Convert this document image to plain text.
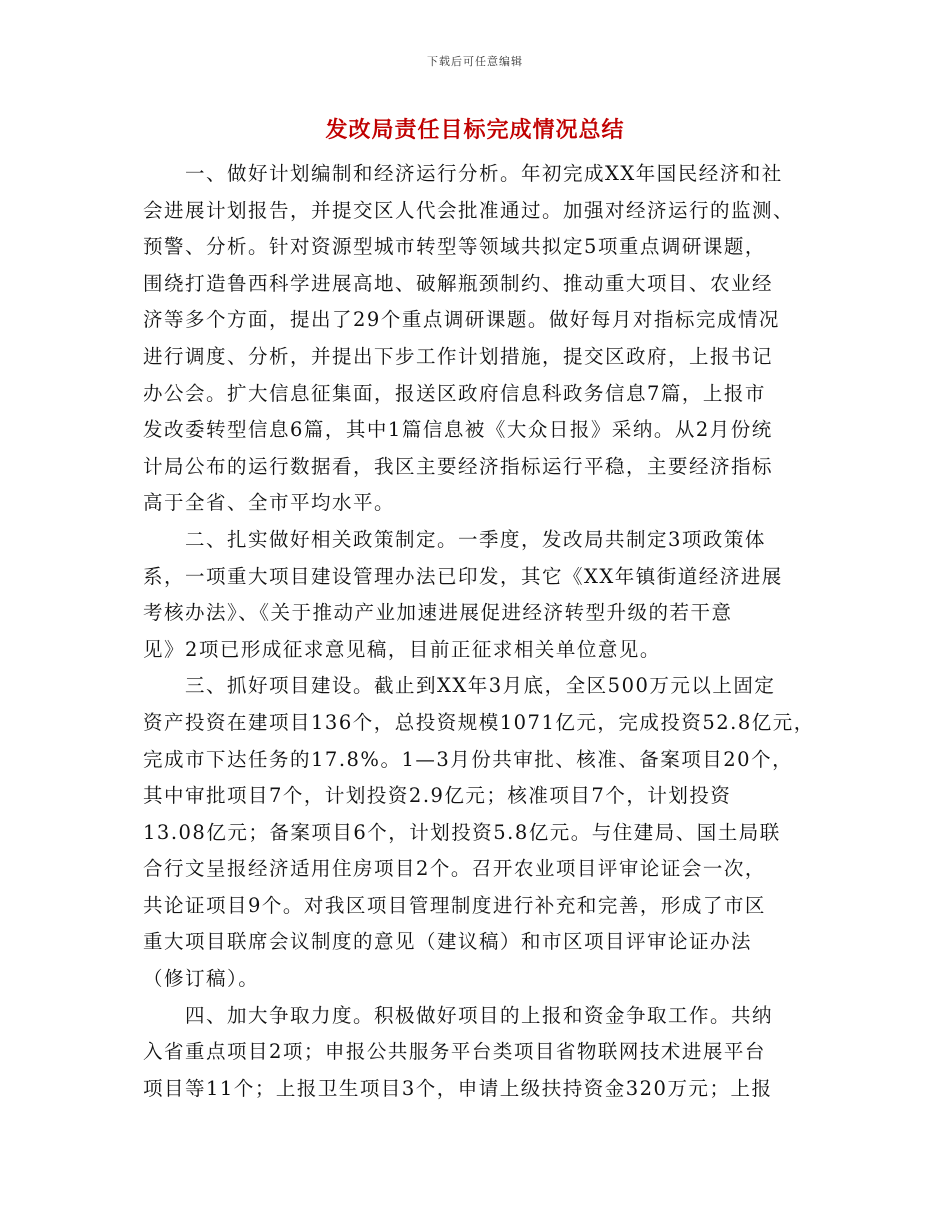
下载后可任意编辑
发改局责任目标完成情况总结
一、做好计划编制和经济运行分析。年初完成XX年国民经济和社
会进展计划报告，并提交区人代会批准通过。加强对经济运行的监测、
预警、分析。针对资源型城市转型等领域共拟定5项重点调研课题，
围绕打造鲁西科学进展高地、破解瓶颈制约、推动重大项目、农业经
济等多个方面，提出了29个重点调研课题。做好每月对指标完成情况
进行调度、分析，并提出下步工作计划措施，提交区政府，上报书记
办公会。扩大信息征集面，报送区政府信息科政务信息7篇，上报市
发改委转型信息6篇，其中1篇信息被《大众日报》采纳。从2月份统
计局公布的运行数据看，我区主要经济指标运行平稳，主要经济指标
高于全省、全市平均水平。
二、扎实做好相关政策制定。一季度，发改局共制定3项政策体
系，一项重大项目建设管理办法已印发，其它《XX年镇街道经济进展
考核办法》、《关于推动产业加速进展促进经济转型升级的若干意
见》2项已形成征求意见稿，目前正征求相关单位意见。
三、抓好项目建设。截止到XX年3月底，全区500万元以上固定
资产投资在建项目136个，总投资规模1071亿元，完成投资52.8亿元，
完成市下达任务的17.8%。1—3月份共审批、核准、备案项目20个，
其中审批项目7个，计划投资2.9亿元；核准项目7个，计划投资
13.08亿元；备案项目6个，计划投资5.8亿元。与住建局、国土局联
合行文呈报经济适用住房项目2个。召开农业项目评审论证会一次，
共论证项目9个。对我区项目管理制度进行补充和完善，形成了市区
重大项目联席会议制度的意见（建议稿）和市区项目评审论证办法
（修订稿）。
四、加大争取力度。积极做好项目的上报和资金争取工作。共纳
入省重点项目2项；申报公共服务平台类项目省物联网技术进展平台
项目等11个；上报卫生项目3个，申请上级扶持资金320万元；上报
